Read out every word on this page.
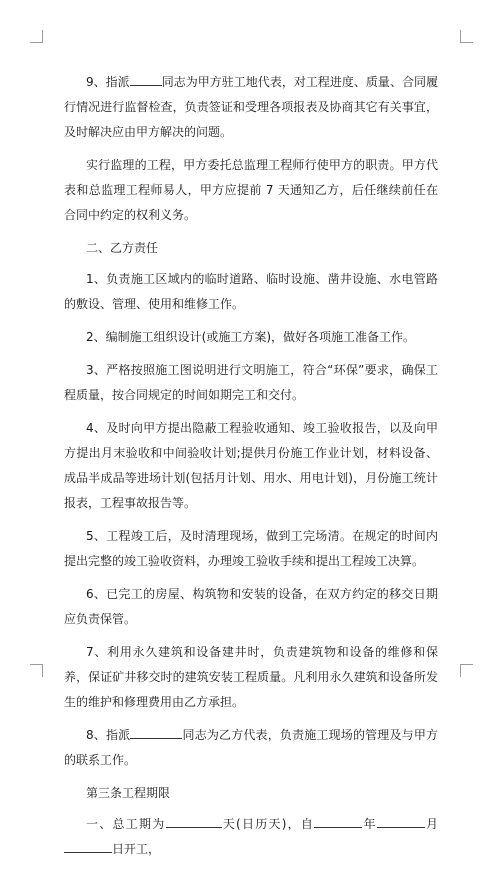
9、指派	同志为甲方驻工地代表，对工程进度、质量、合同履行情况进行监督检查，负责签证和受理各项报表及协商其它有关事宜，及时解决应由甲方解决的问题。

实行监理的工程，甲方委托总监理工程师行使甲方的职责。甲方代表和总监理工程师易人，甲方应提前 7 天通知乙方，后任继续前任在合同中约定的权利义务。

二、乙方责任

1、负责施工区域内的临时道路、临时设施、凿井设施、水电管路的敷设、管理、使用和维修工作。

2、编制施工组织设计(或施工方案)，做好各项施工准备工作。

3、严格按照施工图说明进行文明施工，符合“环保”要求，确保工程质量，按合同规定的时间如期完工和交付。

4、及时向甲方提出隐蔽工程验收通知、竣工验收报告，以及向甲方提出月末验收和中间验收计划;提供月份施工作业计划，材料设备、成品半成品等进场计划(包括月计划、用水、用电计划)，月份施工统计报表，工程事故报告等。

5、工程竣工后，及时清理现场，做到工完场清。在规定的时间内提出完整的竣工验收资料，办理竣工验收手续和提出工程竣工决算。

6、已完工的房屋、构筑物和安装的设备，在双方约定的移交日期应负责保管。

7、利用永久建筑和设备建井时，负责建筑物和设备的维修和保养，保证矿井移交时的建筑安装工程质量。凡利用永久建筑和设备所发生的维护和修理费用由乙方承担。

8、指派	同志为乙方代表，负责施工现场的管理及与甲方的联系工作。

第三条工程期限

一、总工期为	天(日历天)，自	年	月日开工，
